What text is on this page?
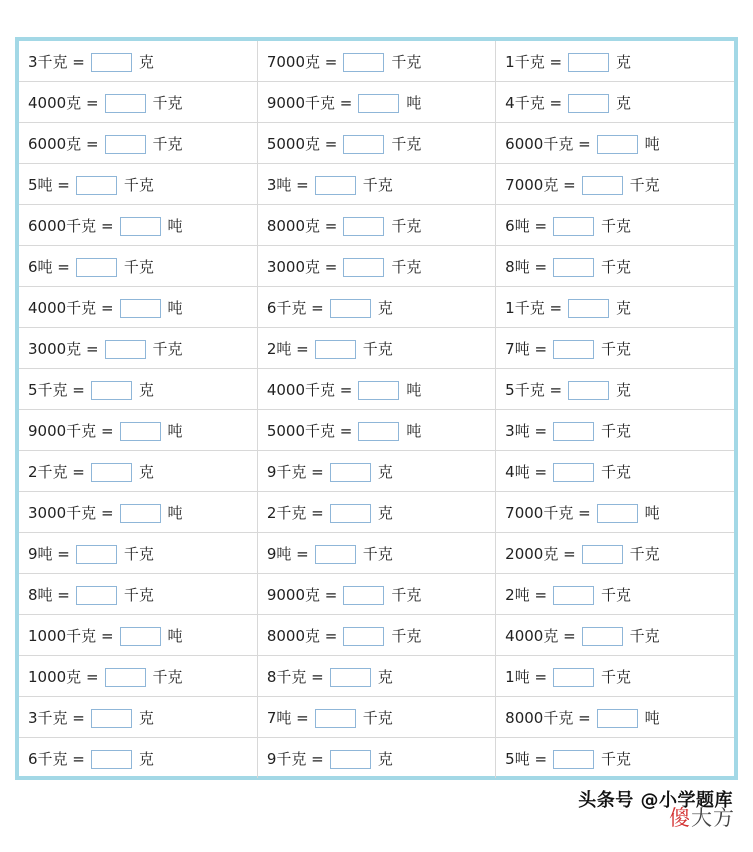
3千克 = 克	7000克 = 千克	1千克 = 克
4000克 = 千克	9000千克 = 吨	4千克 = 克
6000克 = 千克	5000克 = 千克	6000千克 = 吨
5吨 = 千克	3吨 = 千克	7000克 = 千克
6000千克 = 吨	8000克 = 千克	6吨 = 千克
6吨 = 千克	3000克 = 千克	8吨 = 千克
4000千克 = 吨	6千克 = 克	1千克 = 克
3000克 = 千克	2吨 = 千克	7吨 = 千克
5千克 = 克	4000千克 = 吨	5千克 = 克
9000千克 = 吨	5000千克 = 吨	3吨 = 千克
2千克 = 克	9千克 = 克	4吨 = 千克
3000千克 = 吨	2千克 = 克	7000千克 = 吨
9吨 = 千克	9吨 = 千克	2000克 = 千克
8吨 = 千克	9000克 = 千克	2吨 = 千克
1000千克 = 吨	8000克 = 千克	4000克 = 千克
1000克 = 千克	8千克 = 克	1吨 = 千克
3千克 = 克	7吨 = 千克	8000千克 = 吨
6千克 = 克	9千克 = 克	5吨 = 千克
头条号 @小学题库
傻大方
